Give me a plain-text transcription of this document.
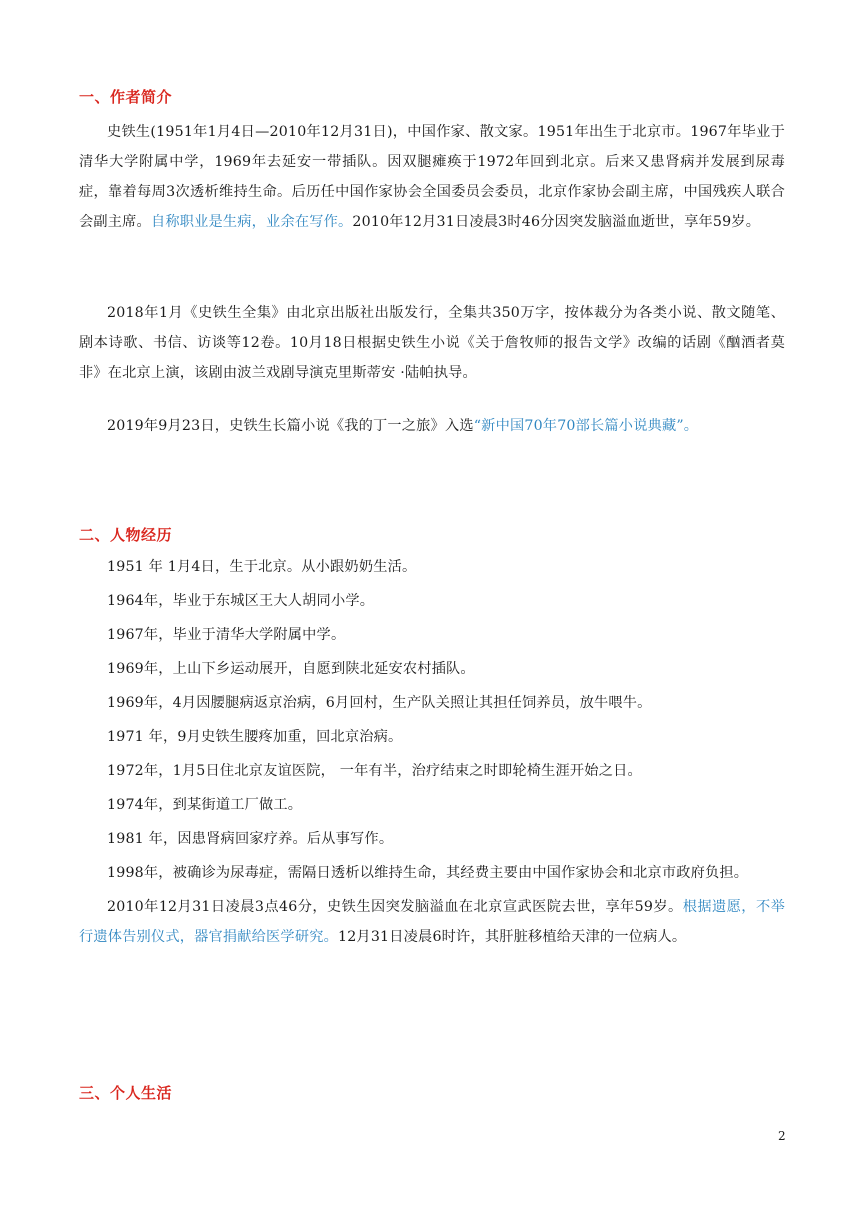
一、作者简介
史铁生(1951年1月4日—2010年12月31日)，中国作家、散文家。1951年出生于北京市。1967年毕业于清华大学附属中学，1969年去延安一带插队。因双腿瘫痪于1972年回到北京。后来又患肾病并发展到尿毒症，靠着每周3次透析维持生命。后历任中国作家协会全国委员会委员，北京作家协会副主席，中国残疾人联合会副主席。自称职业是生病，业余在写作。2010年12月31日凌晨3时46分因突发脑溢血逝世，享年59岁。
2018年1月《史铁生全集》由北京出版社出版发行，全集共350万字，按体裁分为各类小说、散文随笔、剧本诗歌、书信、访谈等12卷。10月18日根据史铁生小说《关于詹牧师的报告文学》改编的话剧《酗酒者莫非》在北京上演，该剧由波兰戏剧导演克里斯蒂安 ·陆帕执导。
2019年9月23日，史铁生长篇小说《我的丁一之旅》入选“新中国70年70部长篇小说典藏”。
二、人物经历
1951 年 1月4日，生于北京。从小跟奶奶生活。
1964年，毕业于东城区王大人胡同小学。
1967年，毕业于清华大学附属中学。
1969年，上山下乡运动展开，自愿到陕北延安农村插队。
1969年，4月因腰腿病返京治病，6月回村，生产队关照让其担任饲养员，放牛喂牛。
1971 年，9月史铁生腰疼加重，回北京治病。
1972年，1月5日住北京友谊医院， 一年有半，治疗结束之时即轮椅生涯开始之日。
1974年，到某街道工厂做工。
1981 年，因患肾病回家疗养。后从事写作。
1998年，被确诊为尿毒症，需隔日透析以维持生命，其经费主要由中国作家协会和北京市政府负担。
2010年12月31日凌晨3点46分，史铁生因突发脑溢血在北京宣武医院去世，享年59岁。根据遗愿，不举行遗体告别仪式，器官捐献给医学研究。12月31日凌晨6时许，其肝脏移植给天津的一位病人。
三、个人生活
2
